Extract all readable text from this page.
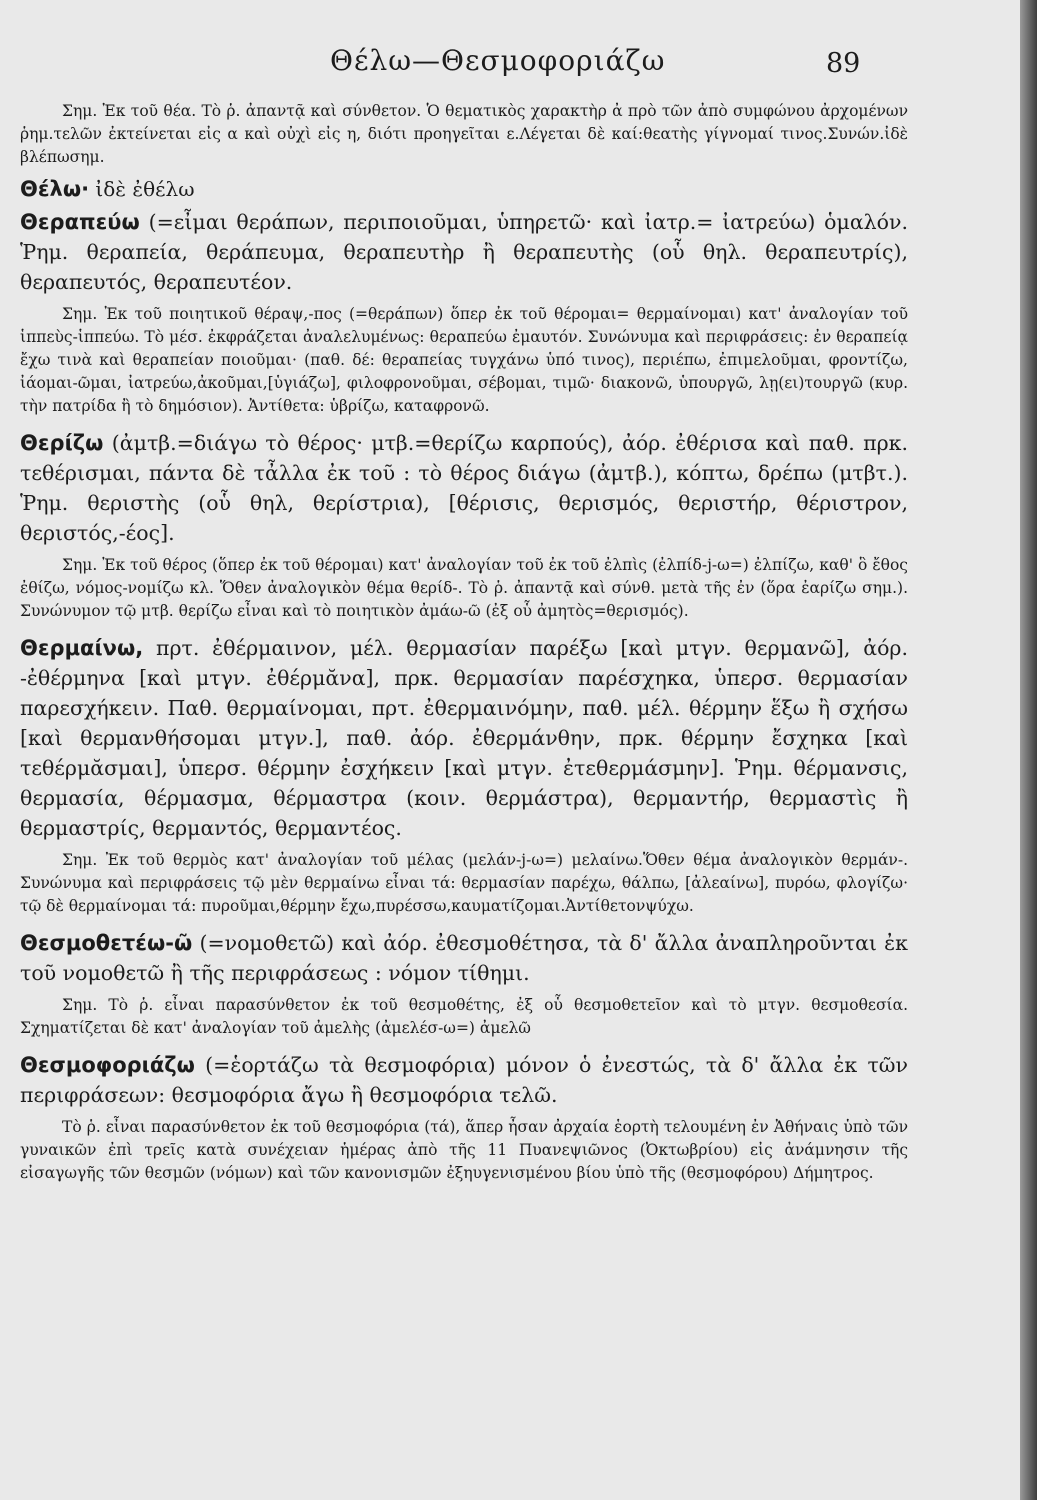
Θέλω—Θεσμοφοριάζω	89

Σημ. Ἐκ τοῦ θέα. Τὸ ῥ. ἀπαντᾷ καὶ σύνθετον. Ὁ θεματικὸς χαρακτὴρ ἀ πρὸ τῶν ἀπὸ συμφώνου ἀρχομένων ῥημ.τελῶν ἐκτείνεται εἰς α καὶ οὐχὶ εἰς η, διότι προηγεῖται ε.Λέγεται δὲ καί:θεατὴς γίγνομαί τινος.Συνών.ἰδὲ βλέπωσημ.

Θέλω· ἰδὲ ἐθέλω

Θεραπεύω (=εἶμαι θεράπων, περιποιοῦμαι, ὑπηρετῶ· καὶ ἰατρ.= ἰατρεύω) ὁμαλόν. Ῥημ. θεραπεία, θεράπευμα, θεραπευτὴρ ἢ θεραπευτὴς (οὗ θηλ. θεραπευτρίς), θεραπευτός, θεραπευτέον.

Σημ. Ἐκ τοῦ ποιητικοῦ θέραψ,-πος (=θεράπων) ὅπερ ἐκ τοῦ θέρομαι= θερμαίνομαι) κατ' ἀναλογίαν τοῦ ἱππεὺς-ἱππεύω. Τὸ μέσ. ἐκφράζεται ἀναλελυμένως: θεραπεύω ἐμαυτόν. Συνώνυμα καὶ περιφράσεις: ἐν θεραπείᾳ ἔχω τινὰ καὶ θεραπείαν ποιοῦμαι· (παθ. δέ: θεραπείας τυγχάνω ὑπό τινος), περιέπω, ἐπιμελοῦμαι, φροντίζω, ἰάομαι-ῶμαι, ἰατρεύω,ἀκοῦμαι,[ὑγιάζω], φιλοφρονοῦμαι, σέβομαι, τιμῶ· διακονῶ, ὑπουργῶ, λῃ(ει)τουργῶ (κυρ. τὴν πατρίδα ἢ τὸ δημόσιον). Ἀντίθετα: ὑβρίζω, καταφρονῶ.

Θερίζω (ἀμτβ.=διάγω τὸ θέρος· μτβ.=θερίζω καρπούς), ἀόρ. ἐθέρισα καὶ παθ. πρκ. τεθέρισμαι, πάντα δὲ τἆλλα ἐκ τοῦ : τὸ θέρος διάγω (ἀμτβ.), κόπτω, δρέπω (μτβτ.). Ῥημ. θεριστὴς (οὗ θηλ, θερίστρια), [θέρισις, θερισμός, θεριστήρ, θέριστρον, θεριστός,-έος].

Σημ. Ἐκ τοῦ θέρος (ὅπερ ἐκ τοῦ θέρομαι) κατ' ἀναλογίαν τοῦ ἐκ τοῦ ἐλπὶς (ἐλπίδ-j-ω=) ἐλπίζω, καθ' ὃ ἔθος ἐθίζω, νόμος-νομίζω κλ. Ὅθεν ἀναλογικὸν θέμα θερίδ-. Τὸ ῥ. ἀπαντᾷ καὶ σύνθ. μετὰ τῆς ἐν (ὅρα ἐαρίζω σημ.). Συνώνυμον τῷ μτβ. θερίζω εἶναι καὶ τὸ ποιητικὸν ἀμάω-ῶ (ἐξ οὗ ἀμητὸς=θερισμός).

Θερμαίνω, πρτ. ἐθέρμαινον, μέλ. θερμασίαν παρέξω [καὶ μτγν. θερμανῶ], ἀόρ. -ἐθέρμηνα [καὶ μτγν. ἐθέρμᾰνα], πρκ. θερμασίαν παρέσχηκα, ὑπερσ. θερμασίαν παρεσχήκειν. Παθ. θερμαίνομαι, πρτ. ἐθερμαινόμην, παθ. μέλ. θέρμην ἕξω ἢ σχήσω [καὶ θερμανθήσομαι μτγν.], παθ. ἀόρ. ἐθερμάνθην, πρκ. θέρμην ἔσχηκα [καὶ τεθέρμᾰσμαι], ὑπερσ. θέρμην ἐσχήκειν [καὶ μτγν. ἐτεθερμάσμην]. Ῥημ. θέρμανσις, θερμασία, θέρμασμα, θέρμαστρα (κοιν. θερμάστρα), θερμαντήρ, θερμαστὶς ἢ θερμαστρίς, θερμαντός, θερμαντέος.

Σημ. Ἐκ τοῦ θερμὸς κατ' ἀναλογίαν τοῦ μέλας (μελάν-j-ω=) μελαίνω.Ὅθεν θέμα ἀναλογικὸν θερμάν-. Συνώνυμα καὶ περιφράσεις τῷ μὲν θερμαίνω εἶναι τά: θερμασίαν παρέχω, θάλπω, [ἀλεαίνω], πυρόω, φλογίζω· τῷ δὲ θερμαίνομαι τά: πυροῦμαι,θέρμην ἔχω,πυρέσσω,καυματίζομαι.Ἀντίθετονψύχω.

Θεσμοθετέω-ῶ (=νομοθετῶ) καὶ ἀόρ. ἐθεσμοθέτησα, τὰ δ' ἄλλα ἀναπληροῦνται ἐκ τοῦ νομοθετῶ ἢ τῆς περιφράσεως : νόμον τίθημι.

Σημ. Τὸ ῥ. εἶναι παρασύνθετον ἐκ τοῦ θεσμοθέτης, ἐξ οὗ θεσμοθετεῖον καὶ τὸ μτγν. θεσμοθεσία. Σχηματίζεται δὲ κατ' ἀναλογίαν τοῦ ἀμελὴς (ἀμελέσ-ω=) ἀμελῶ

Θεσμοφοριάζω (=ἑορτάζω τὰ θεσμοφόρια) μόνον ὁ ἐνεστώς, τὰ δ' ἄλλα ἐκ τῶν περιφράσεων: θεσμοφόρια ἄγω ἢ θεσμοφόρια τελῶ.

Τὸ ῥ. εἶναι παρασύνθετον ἐκ τοῦ θεσμοφόρια (τά), ἅπερ ἦσαν ἀρχαία ἑορτὴ τελουμένη ἐν Ἀθήναις ὑπὸ τῶν γυναικῶν ἐπὶ τρεῖς κατὰ συνέχειαν ἡμέρας ἀπὸ τῆς 11 Πυανεψιῶνος (Ὀκτωβρίου) εἰς ἀνάμνησιν τῆς εἰσαγωγῆς τῶν θεσμῶν (νόμων) καὶ τῶν κανονισμῶν ἐξηυγενισμένου βίου ὑπὸ τῆς (θεσμοφόρου) Δήμητρος.
